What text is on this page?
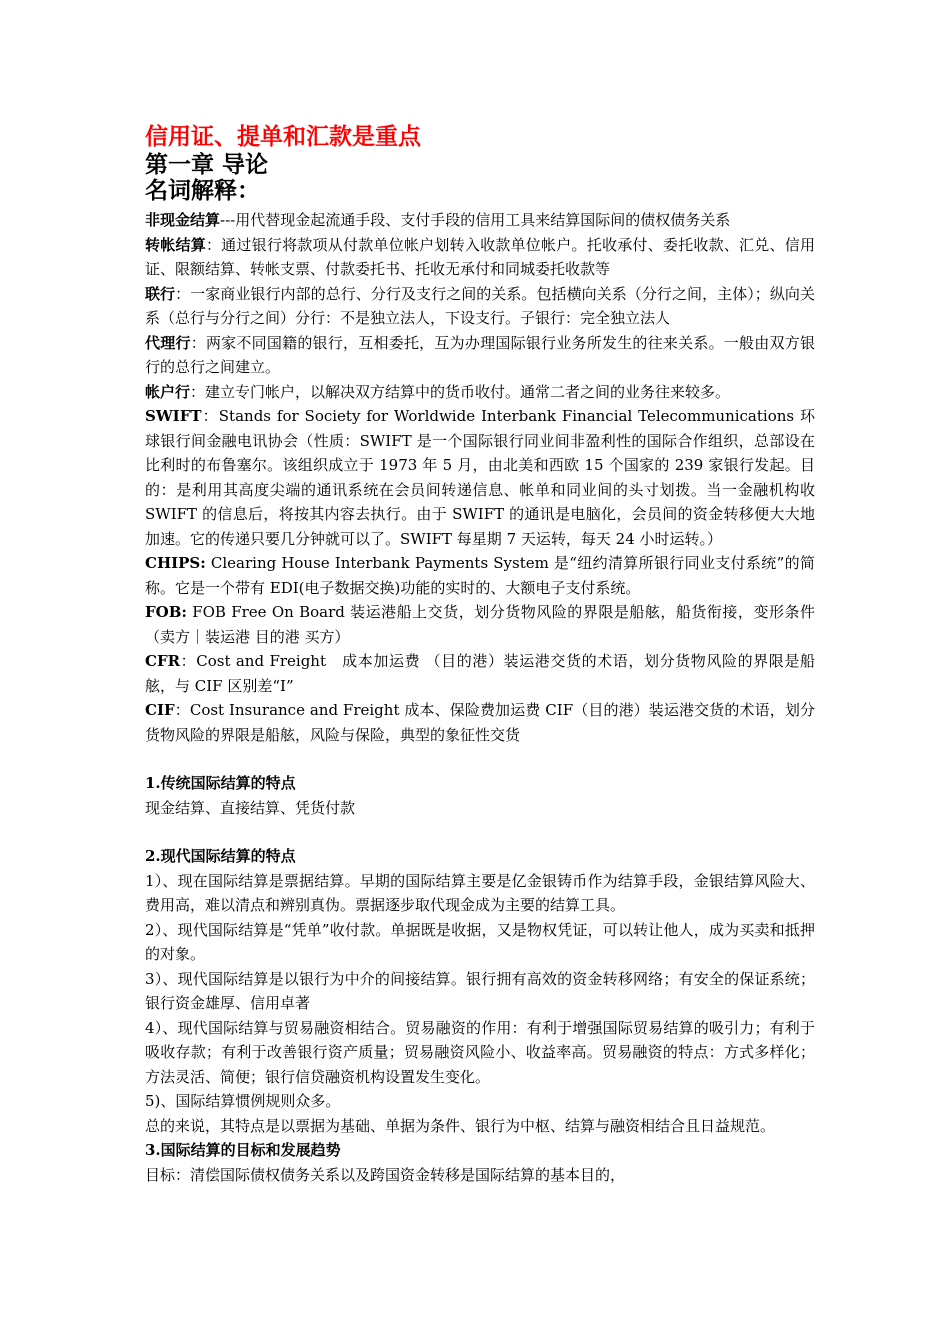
信用证、提单和汇款是重点
第一章 导论
名词解释：

非现金结算---用代替现金起流通手段、支付手段的信用工具来结算国际间的债权债务关系

转帐结算：通过银行将款项从付款单位帐户划转入收款单位帐户。托收承付、委托收款、汇兑、信用证、限额结算、转帐支票、付款委托书、托收无承付和同城委托收款等

联行：一家商业银行内部的总行、分行及支行之间的关系。包括横向关系（分行之间，主体）；纵向关系（总行与分行之间）分行：不是独立法人，下设支行。子银行：完全独立法人

代理行：两家不同国籍的银行，互相委托，互为办理国际银行业务所发生的往来关系。一般由双方银行的总行之间建立。

帐户行：建立专门帐户，以解决双方结算中的货币收付。通常二者之间的业务往来较多。

SWIFT：Stands for Society for Worldwide Interbank Financial Telecommunications 环球银行间金融电讯协会（性质：SWIFT 是一个国际银行同业间非盈利性的国际合作组织，总部设在比利时的布鲁塞尔。该组织成立于 1973 年 5 月，由北美和西欧 15 个国家的 239 家银行发起。目的：是利用其高度尖端的通讯系统在会员间转递信息、帐单和同业间的头寸划拨。当一金融机构收 SWIFT 的信息后，将按其内容去执行。由于 SWIFT 的通讯是电脑化，会员间的资金转移便大大地加速。它的传递只要几分钟就可以了。SWIFT 每星期 7 天运转，每天 24 小时运转。）

CHIPS: Clearing House Interbank Payments System 是“纽约清算所银行同业支付系统”的简称。它是一个带有 EDI(电子数据交换)功能的实时的、大额电子支付系统。

FOB: FOB Free On Board 装运港船上交货，划分货物风险的界限是船舷，船货衔接，变形条件 （卖方｜装运港 目的港 买方）

CFR：Cost and Freight　成本加运费 （目的港）装运港交货的术语，划分货物风险的界限是船舷，与 CIF 区别差“I”

CIF：Cost Insurance and Freight 成本、保险费加运费 CIF（目的港）装运港交货的术语，划分货物风险的界限是船舷，风险与保险，典型的象征性交货

1.传统国际结算的特点

现金结算、直接结算、凭货付款

2.现代国际结算的特点

1）、现在国际结算是票据结算。早期的国际结算主要是亿金银铸币作为结算手段，金银结算风险大、费用高，难以清点和辨别真伪。票据逐步取代现金成为主要的结算工具。

2）、现代国际结算是“凭单”收付款。单据既是收据，又是物权凭证，可以转让他人，成为买卖和抵押的对象。

3）、现代国际结算是以银行为中介的间接结算。银行拥有高效的资金转移网络；有安全的保证系统；银行资金雄厚、信用卓著

4）、现代国际结算与贸易融资相结合。贸易融资的作用：有利于增强国际贸易结算的吸引力；有利于吸收存款；有利于改善银行资产质量；贸易融资风险小、收益率高。贸易融资的特点：方式多样化；方法灵活、简便；银行信贷融资机构设置发生变化。

5)、国际结算惯例规则众多。

总的来说，其特点是以票据为基础、单据为条件、银行为中枢、结算与融资相结合且日益规范。

3.国际结算的目标和发展趋势

目标：清偿国际债权债务关系以及跨国资金转移是国际结算的基本目的，
